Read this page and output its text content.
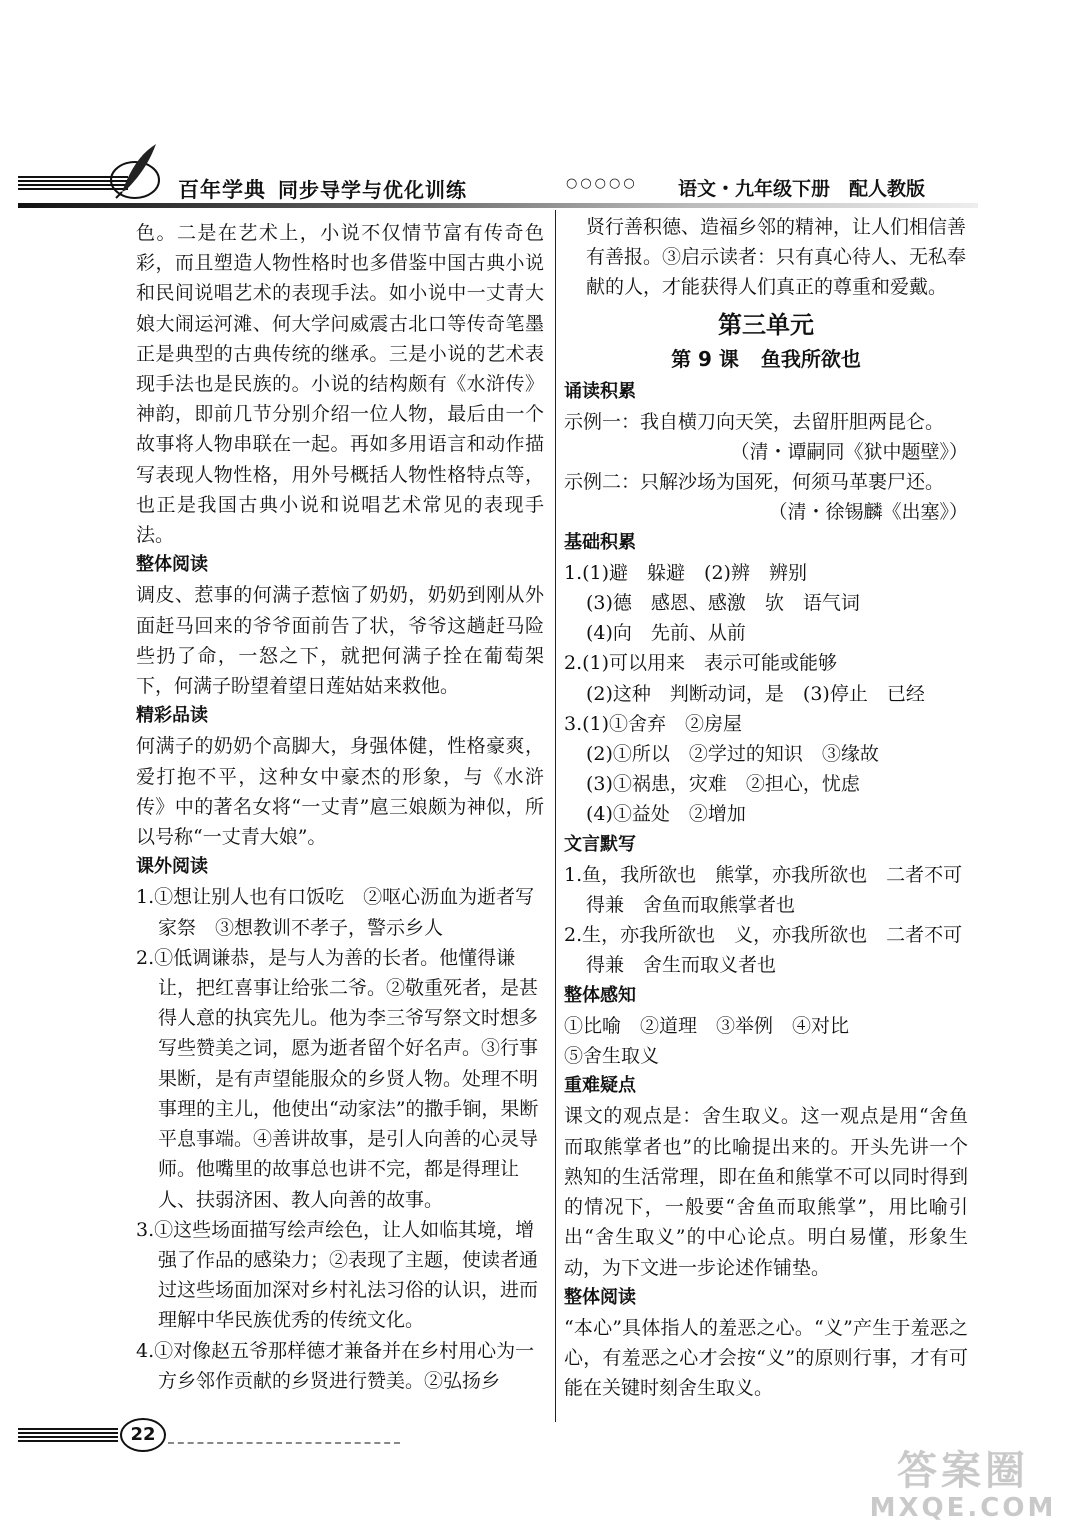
百年学典 同步导学与优化训练	○○○○○ 语文・九年级下册　配人教版

色。二是在艺术上，小说不仅情节富有传奇色彩，而且塑造人物性格时也多借鉴中国古典小说和民间说唱艺术的表现手法。如小说中一丈青大娘大闹运河滩、何大学问威震古北口等传奇笔墨正是典型的古典传统的继承。三是小说的艺术表现手法也是民族的。小说的结构颇有《水浒传》神韵，即前几节分别介绍一位人物，最后由一个故事将人物串联在一起。再如多用语言和动作描写表现人物性格，用外号概括人物性格特点等，也正是我国古典小说和说唱艺术常见的表现手法。

整体阅读

调皮、惹事的何满子惹恼了奶奶，奶奶到刚从外面赶马回来的爷爷面前告了状，爷爷这趟赶马险些扔了命，一怒之下，就把何满子拴在葡萄架下，何满子盼望着望日莲姑姑来救他。

精彩品读

何满子的奶奶个高脚大，身强体健，性格豪爽，爱打抱不平，这种女中豪杰的形象，与《水浒传》中的著名女将“一丈青”扈三娘颇为神似，所以号称“一丈青大娘”。

课外阅读

1.①想让别人也有口饭吃　②呕心沥血为逝者写家祭　③想教训不孝子，警示乡人

2.①低调谦恭，是与人为善的长者。他懂得谦让，把红喜事让给张二爷。②敬重死者，是甚得人意的执宾先儿。他为李三爷写祭文时想多写些赞美之词，愿为逝者留个好名声。③行事果断，是有声望能服众的乡贤人物。处理不明事理的主儿，他使出“动家法”的撒手锏，果断平息事端。④善讲故事，是引人向善的心灵导师。他嘴里的故事总也讲不完，都是得理让人、扶弱济困、教人向善的故事。

3.①这些场面描写绘声绘色，让人如临其境，增强了作品的感染力；②表现了主题，使读者通过这些场面加深对乡村礼法习俗的认识，进而理解中华民族优秀的传统文化。

4.①对像赵五爷那样德才兼备并在乡村用心为一方乡邻作贡献的乡贤进行赞美。②弘扬乡

贤行善积德、造福乡邻的精神，让人们相信善有善报。③启示读者：只有真心待人、无私奉献的人，才能获得人们真正的尊重和爱戴。

第三单元

第 9 课 鱼我所欲也

诵读积累

示例一：我自横刀向天笑，去留肝胆两昆仑。

（清・谭嗣同《狱中题壁》）

示例二：只解沙场为国死，何须马革裹尸还。

（清・徐锡麟《出塞》）

基础积累

1.(1)避　躲避　(2)辨　辨别

(3)德　感恩、感激　欤　语气词

(4)向　先前、从前

2.(1)可以用来　表示可能或能够

(2)这种　判断动词，是　(3)停止　已经

3.(1)①舍弃　②房屋

(2)①所以　②学过的知识　③缘故

(3)①祸患，灾难　②担心，忧虑

(4)①益处　②增加

文言默写

1.鱼，我所欲也　熊掌，亦我所欲也　二者不可得兼　舍鱼而取熊掌者也

2.生，亦我所欲也　义，亦我所欲也　二者不可得兼　舍生而取义者也

整体感知

①比喻　②道理　③举例　④对比

⑤舍生取义

重难疑点

课文的观点是：舍生取义。这一观点是用“舍鱼而取熊掌者也”的比喻提出来的。开头先讲一个熟知的生活常理，即在鱼和熊掌不可以同时得到的情况下，一般要“舍鱼而取熊掌”，用比喻引出“舍生取义”的中心论点。明白易懂，形象生动，为下文进一步论述作铺垫。

整体阅读

“本心”具体指人的羞恶之心。“义”产生于羞恶之心，有羞恶之心才会按“义”的原则行事，才有可能在关键时刻舍生取义。

22
答案圈
MXQE.COM
